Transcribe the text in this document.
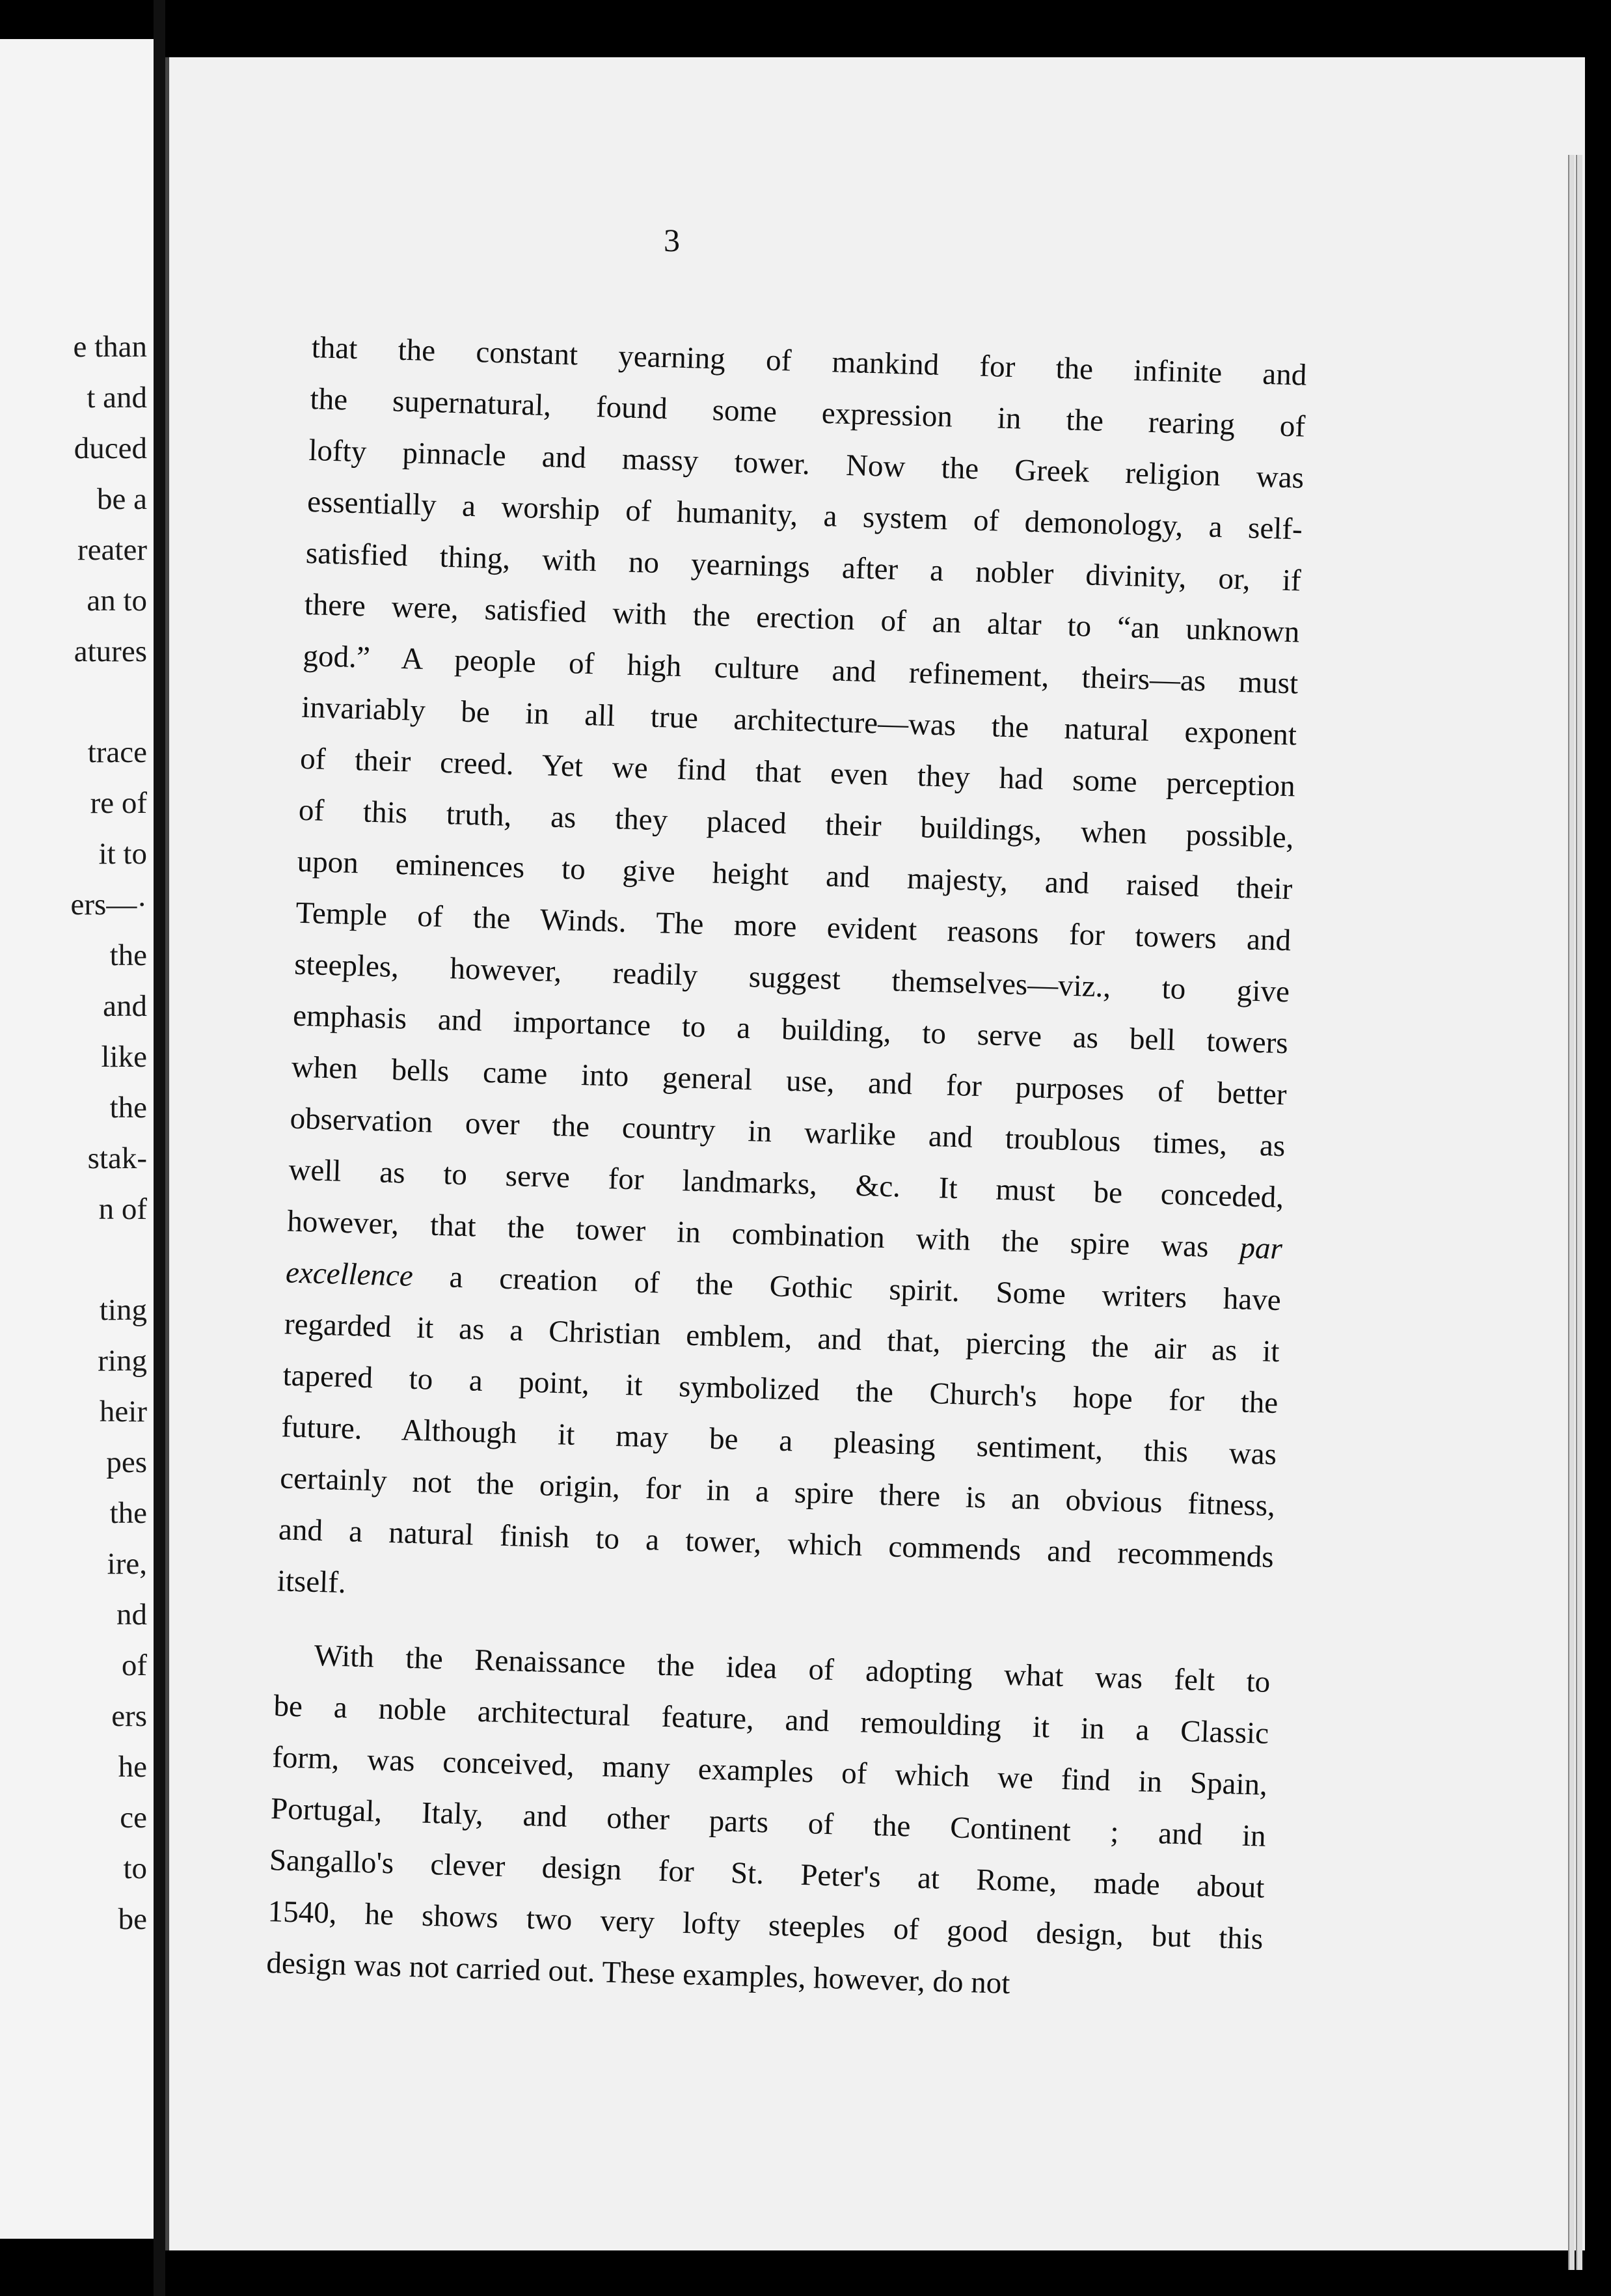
e than
t and
duced
be a
reater
an to
atures
trace
re of
it to
ers—·
the
and
like
the
stak-
n of
ting
ring
heir
pes
the
ire,
nd
of
ers
he
ce
to
be
3
that the constant yearning of mankind for the infinite and
the supernatural, found some expression in the rearing of
lofty pinnacle and massy tower. Now the Greek religion was
essentially a worship of humanity, a system of demonology, a self-
satisfied thing, with no yearnings after a nobler divinity, or, if
there were, satisfied with the erection of an altar to “an unknown
god.” A people of high culture and refinement, theirs—as must
invariably be in all true architecture—was the natural exponent
of their creed. Yet we find that even they had some perception
of this truth, as they placed their buildings, when possible,
upon eminences to give height and majesty, and raised their
Temple of the Winds. The more evident reasons for towers and
steeples, however, readily suggest themselves—viz., to give
emphasis and importance to a building, to serve as bell towers
when bells came into general use, and for purposes of better
observation over the country in warlike and troublous times, as
well as to serve for landmarks, &c. It must be conceded,
however, that the tower in combination with the spire was par
excellence a creation of the Gothic spirit. Some writers have
regarded it as a Christian emblem, and that, piercing the air as it
tapered to a point, it symbolized the Church's hope for the
future. Although it may be a pleasing sentiment, this was
certainly not the origin, for in a spire there is an obvious fitness,
and a natural finish to a tower, which commends and recommends
itself.
With the Renaissance the idea of adopting what was felt to
be a noble architectural feature, and remoulding it in a Classic
form, was conceived, many examples of which we find in Spain,
Portugal, Italy, and other parts of the Continent ; and in
Sangallo's clever design for St. Peter's at Rome, made about
1540, he shows two very lofty steeples of good design, but this
design was not carried out. These examples, however, do not
